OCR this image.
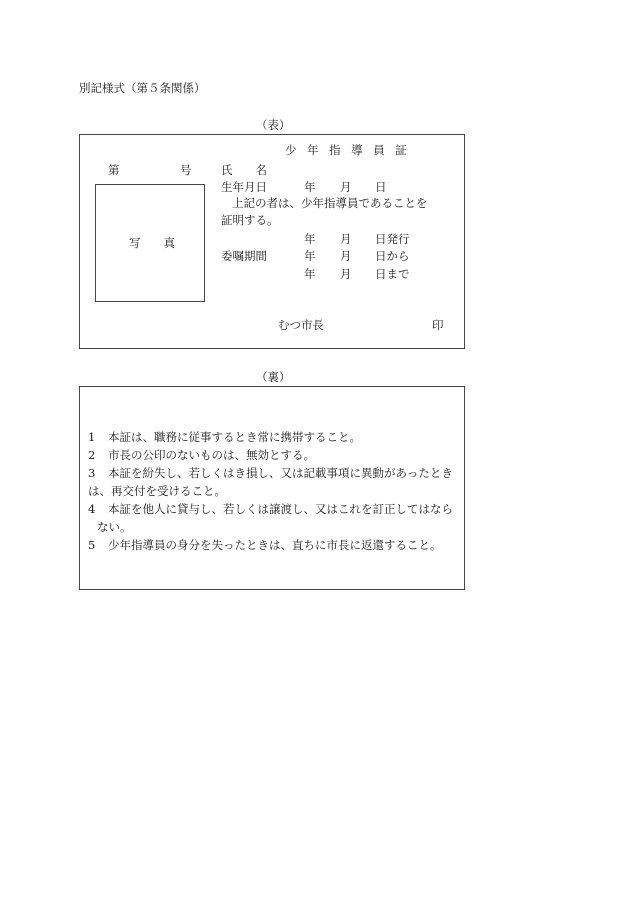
別記様式（第５条関係）
（表）
少 年 指 導 員 証
第	号	氏　　名
生年月日	年 月 日
上記の者は、少年指導員であることを
証明する。
年 月 日発行
委嘱期間	年 月 日から
年 月 日まで
写　　真
むつ市長	印
（裏）
1 本証は、職務に従事するとき常に携帯すること。
2 市長の公印のないものは、無効とする。
3 本証を紛失し、若しくはき損し、又は記載事項に異動があったとき
は、再交付を受けること。
4 本証を他人に貸与し、若しくは譲渡し、又はこれを訂正してはなら
ない。
5 少年指導員の身分を失ったときは、直ちに市長に返還すること。
